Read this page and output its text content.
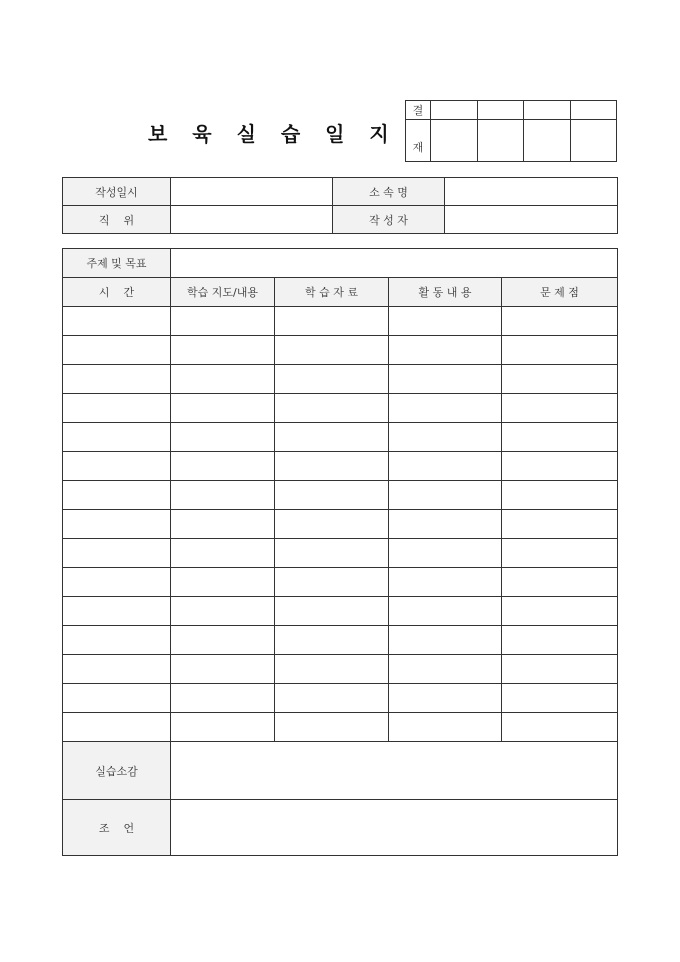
보 육 실 습 일 지
결				
재				
작성일시		소 속 명	
직    위		작 성 자	
주제 및 목표				
시    간	학습 지도/내용	학 습 자 료	활 동 내 용	문 제 점

실습소감				
조    언				
